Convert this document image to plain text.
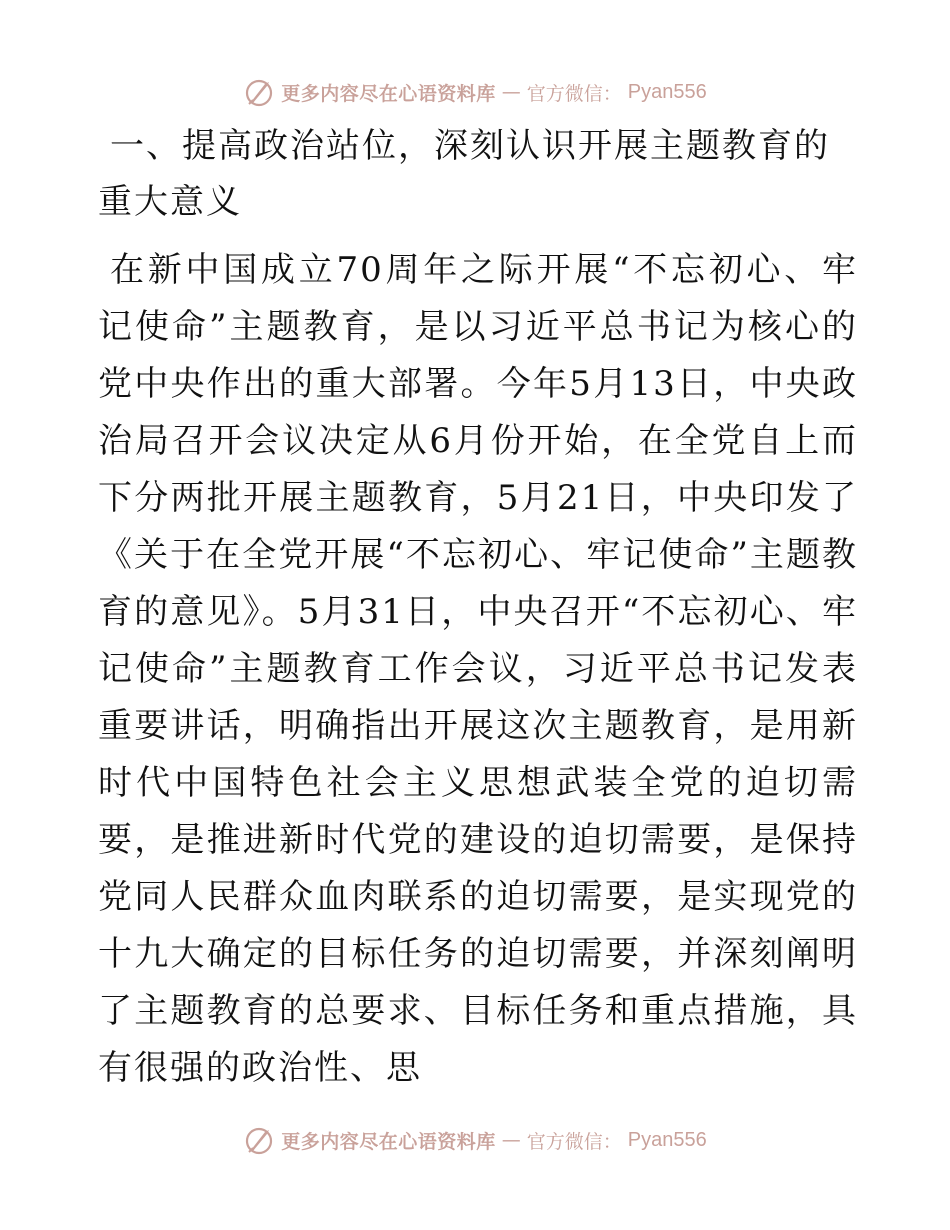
更多内容尽在心语资料库 — 官方微信： Pyan556
一、提高政治站位，深刻认识开展主题教育的重大意义

在新中国成立70周年之际开展“不忘初心、牢记使命”主题教育，是以习近平总书记为核心的党中央作出的重大部署。今年5月13日，中央政治局召开会议决定从6月份开始，在全党自上而下分两批开展主题教育，5月21日，中央印发了《关于在全党开展“不忘初心、牢记使命”主题教育的意见》。5月31日，中央召开“不忘初心、牢记使命”主题教育工作会议，习近平总书记发表重要讲话，明确指出开展这次主题教育，是用新时代中国特色社会主义思想武装全党的迫切需要，是推进新时代党的建设的迫切需要，是保持党同人民群众血肉联系的迫切需要，是实现党的十九大确定的目标任务的迫切需要，并深刻阐明了主题教育的总要求、目标任务和重点措施，具有很强的政治性、思

更多内容尽在心语资料库 — 官方微信： Pyan556
